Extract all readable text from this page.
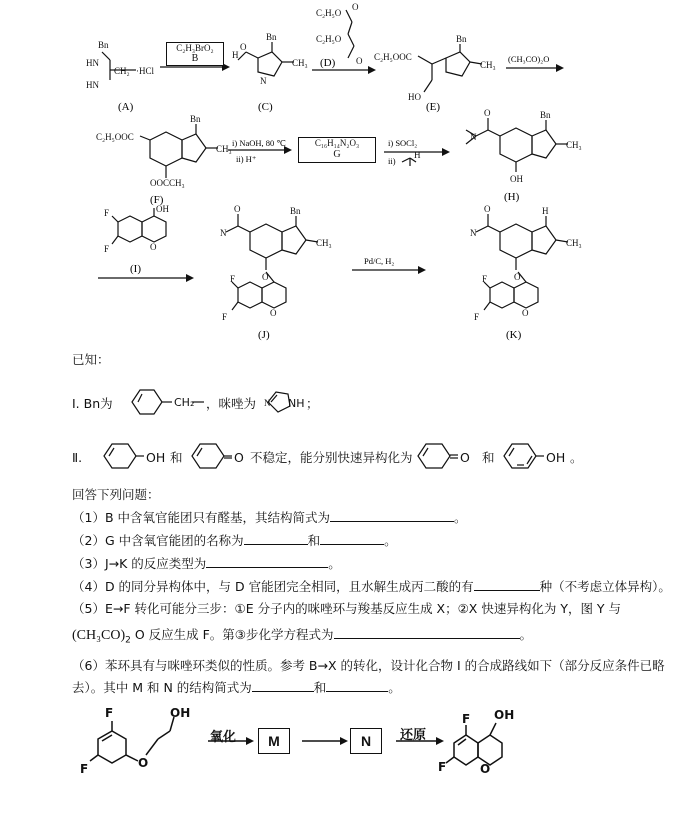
Bn
HN
HN
·HCl
CH₂
Bn
H
O
N
CH₃
(C)
C₂H₅O
C₂H₅O
O
O
(D)	C₂H₅OOC
HO
Bn
CH₃
(E)
(CH₃CO)₂O
C₂H₅OOC
Bn
CH₃
OOCCH₃
(F)
i) NaOH, 80 ℃
ii) H⁺
i) SOCl₂
ii)
H
O
N
Bn
CH₃
OH
(H)
OH
F
F	O
(I)
O
N
O
Bn
CH₃
F
F	O
(J)
Pd/C, H₂
O
N
O
H
CH₃
F
F	O
(K)
(A)
C₂H₃BrO₂
B
C₁₆H₁₄N₂O₃
G
已知：
Ⅰ. Bn为	CH₂ ，咪唑为 N NH ；
Ⅱ.	OH 和	O 不稳定，能分别快速异构化为	O 和	OH 。
回答下列问题：
（1）B 中含氧官能团只有醛基，其结构简式为	。
（2）G 中含氧官能团的名称为	和	。
（3）J→K 的反应类型为	。
（4）D 的同分异构体中，与 D 官能团完全相同，且水解生成丙二酸的有	种（不考虑立体异构）。
（5）E→F 转化可能分三步：①E 分子内的咪唑环与羧基反应生成 X；②X 快速异构化为 Y，图 Y 与
$(CH_3CO)_2$ O 反应生成 F。第③步化学方程式为	。
（6）苯环具有与咪唑环类似的性质。参考 B→X 的转化，设计化合物 I 的合成路线如下（部分反应条件已略
去）。其中 M 和 N 的结构简式为	和	。
F
F	O
OH
氧化	M	N	还原
F OH
F	O
